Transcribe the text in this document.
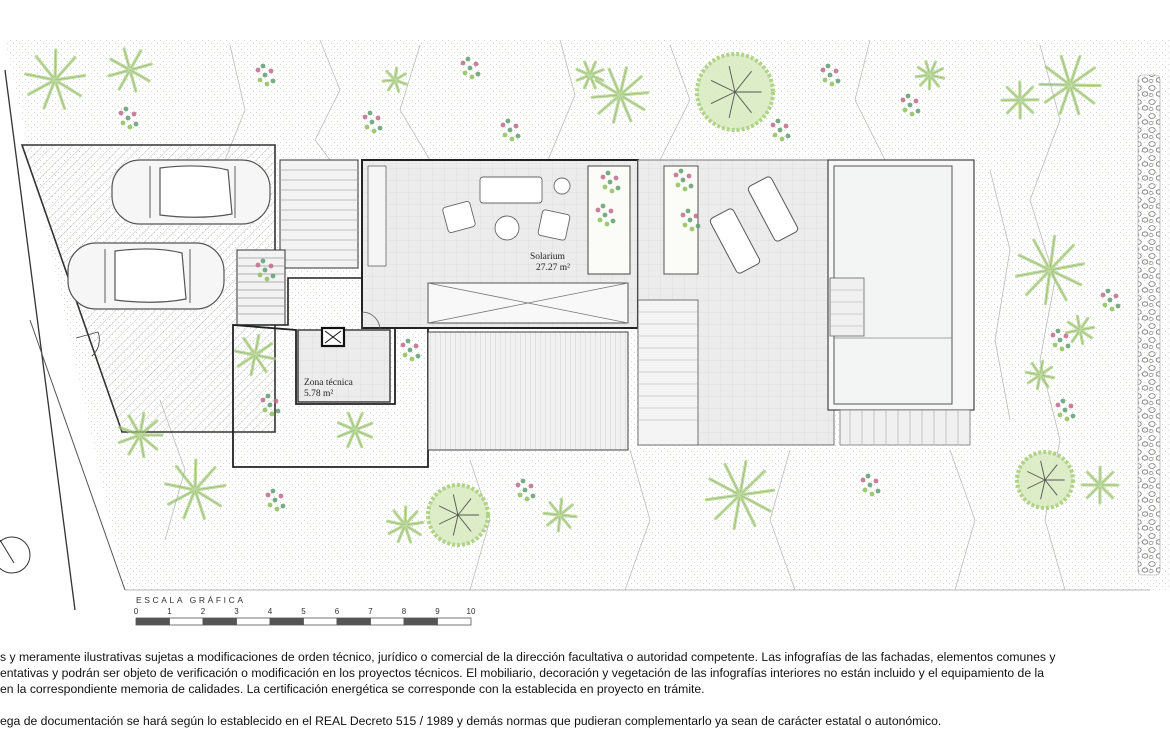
Solarium
27.27 m²
Zona técnica
5.78 m²
ESCALA GRÁFICA
0	1	2	3	4	5	6	7	8	9	10
s y meramente ilustrativas sujetas a modificaciones de orden técnico, jurídico o comercial de la dirección facultativa o autoridad competente. Las infografías de las fachadas, elementos comunes y
entativas y podrán ser objeto de verificación o modificación en los proyectos técnicos. El mobiliario, decoración y vegetación de las infografías interiores no están incluido y el equipamiento de la
en la correspondiente memoria de calidades. La certificación energética se corresponde con la establecida en proyecto en trámite.
ega de documentación se hará según lo establecido en el REAL Decreto 515 / 1989 y demás normas que pudieran complementarlo ya sean de carácter estatal o autonómico.
